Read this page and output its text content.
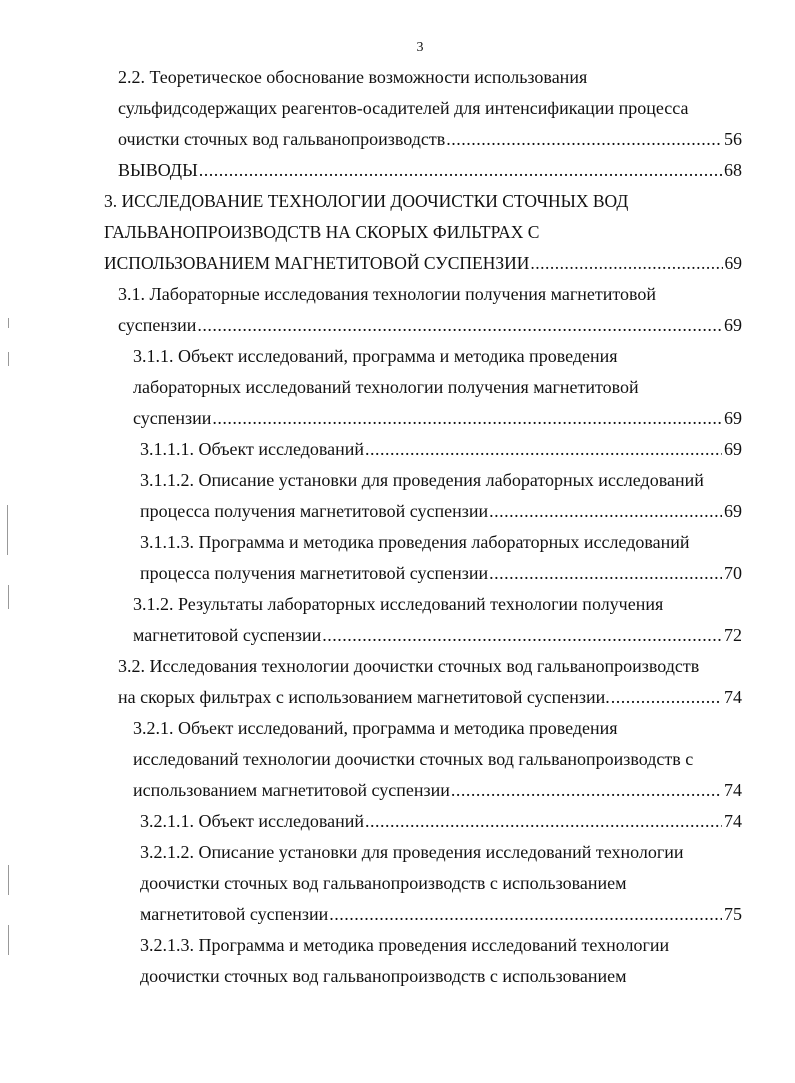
3
2.2. Теоретическое обоснование возможности использования
сульфидсодержащих реагентов-осадителей для интенсификации процесса
очистки сточных вод гальванопроизводств .....	56
ВЫВОДЫ .....	68
3. ИССЛЕДОВАНИЕ ТЕХНОЛОГИИ ДООЧИСТКИ СТОЧНЫХ ВОД
ГАЛЬВАНОПРОИЗВОДСТВ НА СКОРЫХ ФИЛЬТРАХ С
ИСПОЛЬЗОВАНИЕМ МАГНЕТИТОВОЙ СУСПЕНЗИИ .....	69
3.1. Лабораторные исследования технологии получения магнетитовой
суспензии .....	69
3.1.1. Объект исследований, программа и методика проведения
лабораторных исследований технологии получения магнетитовой
суспензии .....	69
3.1.1.1. Объект исследований .....	69
3.1.1.2. Описание установки для проведения лабораторных исследований
процесса получения магнетитовой суспензии .....	69
3.1.1.3. Программа и методика проведения лабораторных исследований
процесса получения магнетитовой суспензии .....	70
3.1.2. Результаты лабораторных исследований технологии получения
магнетитовой суспензии .....	72
3.2. Исследования технологии доочистки сточных вод гальванопроизводств
на скорых фильтрах с использованием магнетитовой суспензии. .....	74
3.2.1. Объект исследований, программа и методика проведения
исследований технологии доочистки сточных вод гальванопроизводств с
использованием магнетитовой суспензии .....	74
3.2.1.1. Объект исследований .....	74
3.2.1.2. Описание установки для проведения исследований технологии
доочистки сточных вод гальванопроизводств с использованием
магнетитовой суспензии .....	75
3.2.1.3. Программа и методика проведения исследований технологии
доочистки сточных вод гальванопроизводств с использованием
